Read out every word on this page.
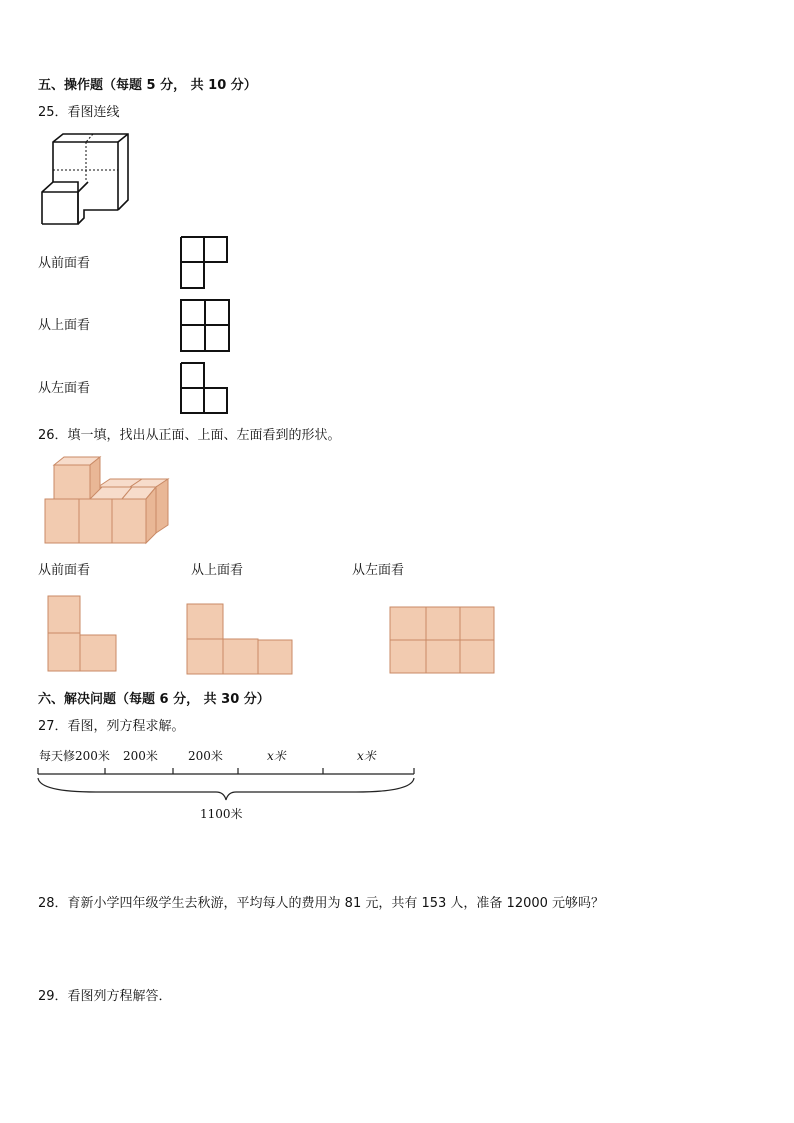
五、操作题（每题 5 分， 共 10 分）
25．看图连线
从前面看
从上面看
从左面看
26．填一填，找出从正面、上面、左面看到的形状。
从前面看	从上面看	从左面看
六、解决问题（每题 6 分， 共 30 分）
27．看图，列方程求解。
每天修200米 200米	200米	x米	x米
1100米
28．育新小学四年级学生去秋游，平均每人的费用为 81 元，共有 153 人，准备 12000 元够吗？
29．看图列方程解答．
